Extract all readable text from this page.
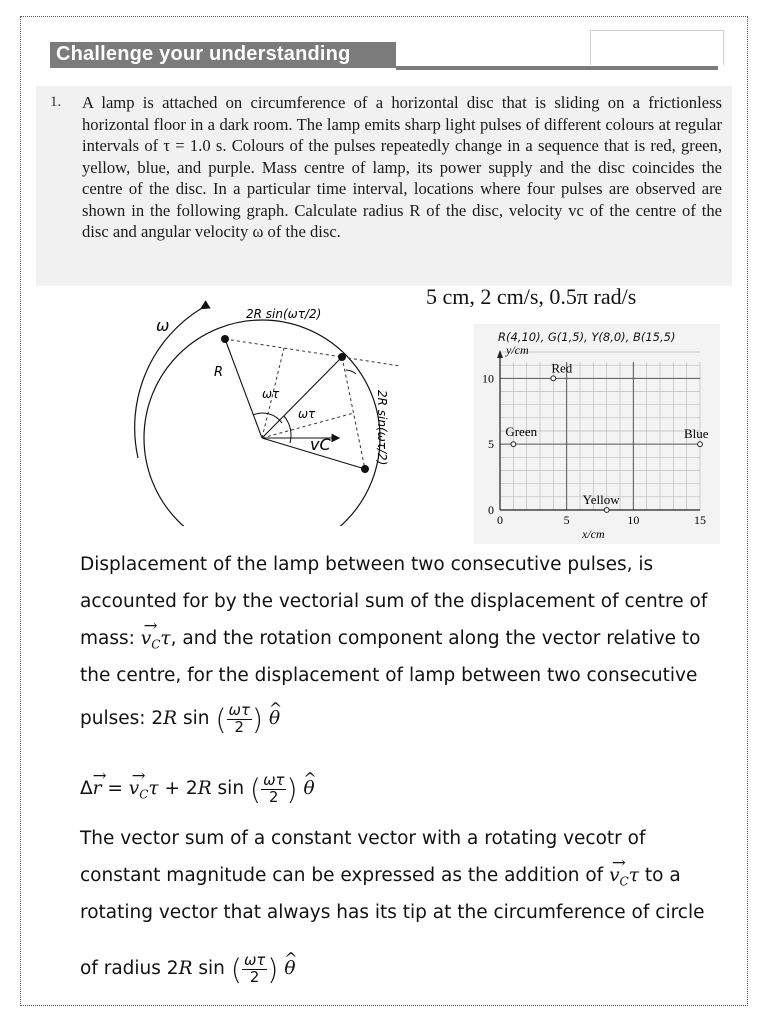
Challenge your understanding
1. A lamp is attached on circumference of a horizontal disc that is sliding on a frictionless horizontal floor in a dark room. The lamp emits sharp light pulses of different colours at regular intervals of τ = 1.0 s. Colours of the pulses repeatedly change in a sequence that is red, green, yellow, blue, and purple. Mass centre of lamp, its power supply and the disc coincides the centre of the disc. In a particular time interval, locations where four pulses are observed are shown in the following graph. Calculate radius R of the disc, velocity vc of the centre of the disc and angular velocity ω of the disc.
5 cm, 2 cm/s, 0.5π rad/s
ω
R
ωτ
ωτ
vC
2R sin(ωτ/2)
2R sin(ωτ/2)
R(4,10), G(1,5), Y(8,0), B(15,5)
0	5	10	15
0
5
10
y/cm
x/cm
Red
Green
Yellow
Blue
Displacement of the lamp between two consecutive pulses, is
accounted for by the vectorial sum of the displacement of centre of
mass: → $v_C\tau$, and the rotation component along the vector relative to
the centre, for the displacement of lamp between two consecutive
pulses: 2R sin ( $\frac{\omega\tau}{2}$ ) ^ θ
Δ→ r = → $v_C\tau + 2R$ sin ( $\frac{\omega\tau}{2}$ ) ^ θ
The vector sum of a constant vector with a rotating vecotr of
constant magnitude can be expressed as the addition of → $v_C\tau$ to a
rotating vector that always has its tip at the circumference of circle
of radius 2R sin ( $\frac{\omega\tau}{2}$ ) ^ θ
